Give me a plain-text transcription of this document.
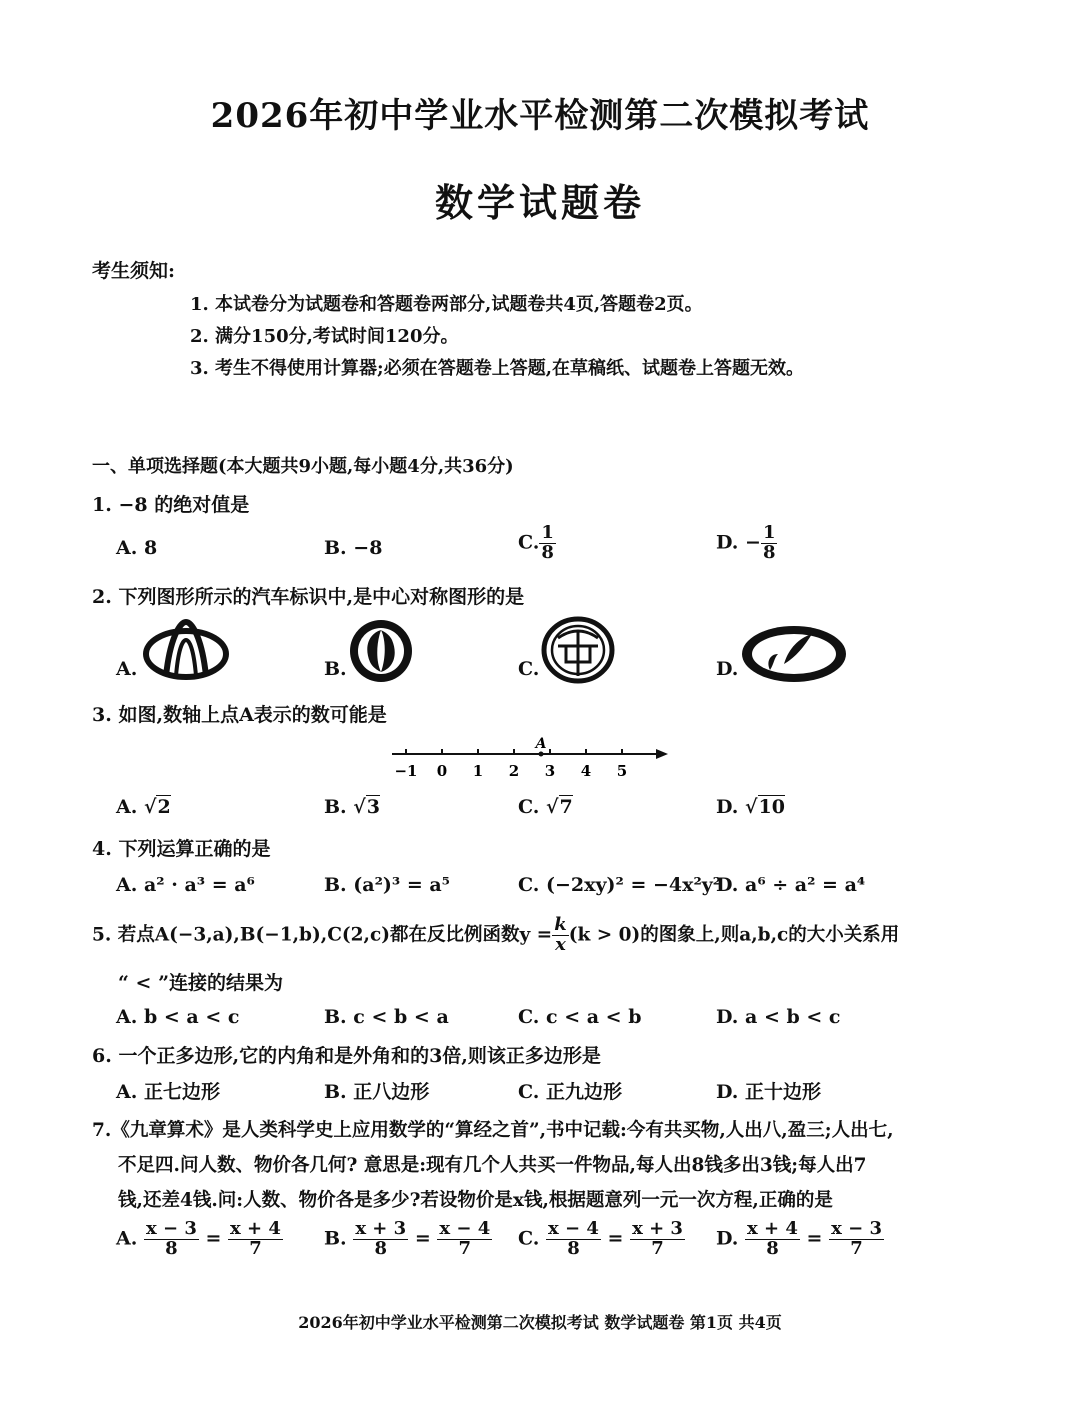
2026年初中学业水平检测第二次模拟考试
数学试题卷
考生须知:
1. 本试卷分为试题卷和答题卷两部分,试题卷共4页,答题卷2页。
2. 满分150分,考试时间120分。
3. 考生不得使用计算器;必须在答题卷上答题,在草稿纸、试题卷上答题无效。
一、单项选择题(本大题共9小题,每小题4分,共36分)
1. −8 的绝对值是
A. 8	B. −8	C. $\frac{1}{8}$	D. − $\frac{1}{8}$
2. 下列图形所示的汽车标识中,是中心对称图形的是
A.	B.	C.	D.
3. 如图,数轴上点A表示的数可能是
−1 0 1 2 3 4 5
A
A. √2	B. √3	C. √7	D. √10
4. 下列运算正确的是
A. a² · a³ = a⁶	B. (a²)³ = a⁵	C. (−2xy)² = −4x²y²
D. a⁶ ÷ a² = a⁴
5. 若点A(−3,a),B(−1,b),C(2,c)都在反比例函数$y = \frac{k}{x} (k > 0)$的图象上,则a,b,c的大小关系用
“ < ”连接的结果为
A. b < a < c	B. c < b < a	C. c < a < b	D. a < b < c
6. 一个正多边形,它的内角和是外角和的3倍,则该正多边形是
A. 正七边形	B. 正八边形	C. 正九边形	D. 正十边形
7.《九章算术》是人类科学史上应用数学的“算经之首”,书中记载:今有共买物,人出八,盈三;人出七,
不足四.问人数、物价各几何? 意思是:现有几个人共买一件物品,每人出8钱多出3钱;每人出7
钱,还差4钱.问:人数、物价各是多少?若设物价是x钱,根据题意列一元一次方程,正确的是
A. $\frac{x - 3}{8} = \frac{x + 4}{7} B$. $\frac{x + 3}{8} = \frac{x - 4}{7} C$. $\frac{x - 4}{8} = \frac{x + 3}{7} D$. $\frac{x + 4}{8} = \frac{x - 3}{7}$
2026年初中学业水平检测第二次模拟考试 数学试题卷 第1页 共4页
